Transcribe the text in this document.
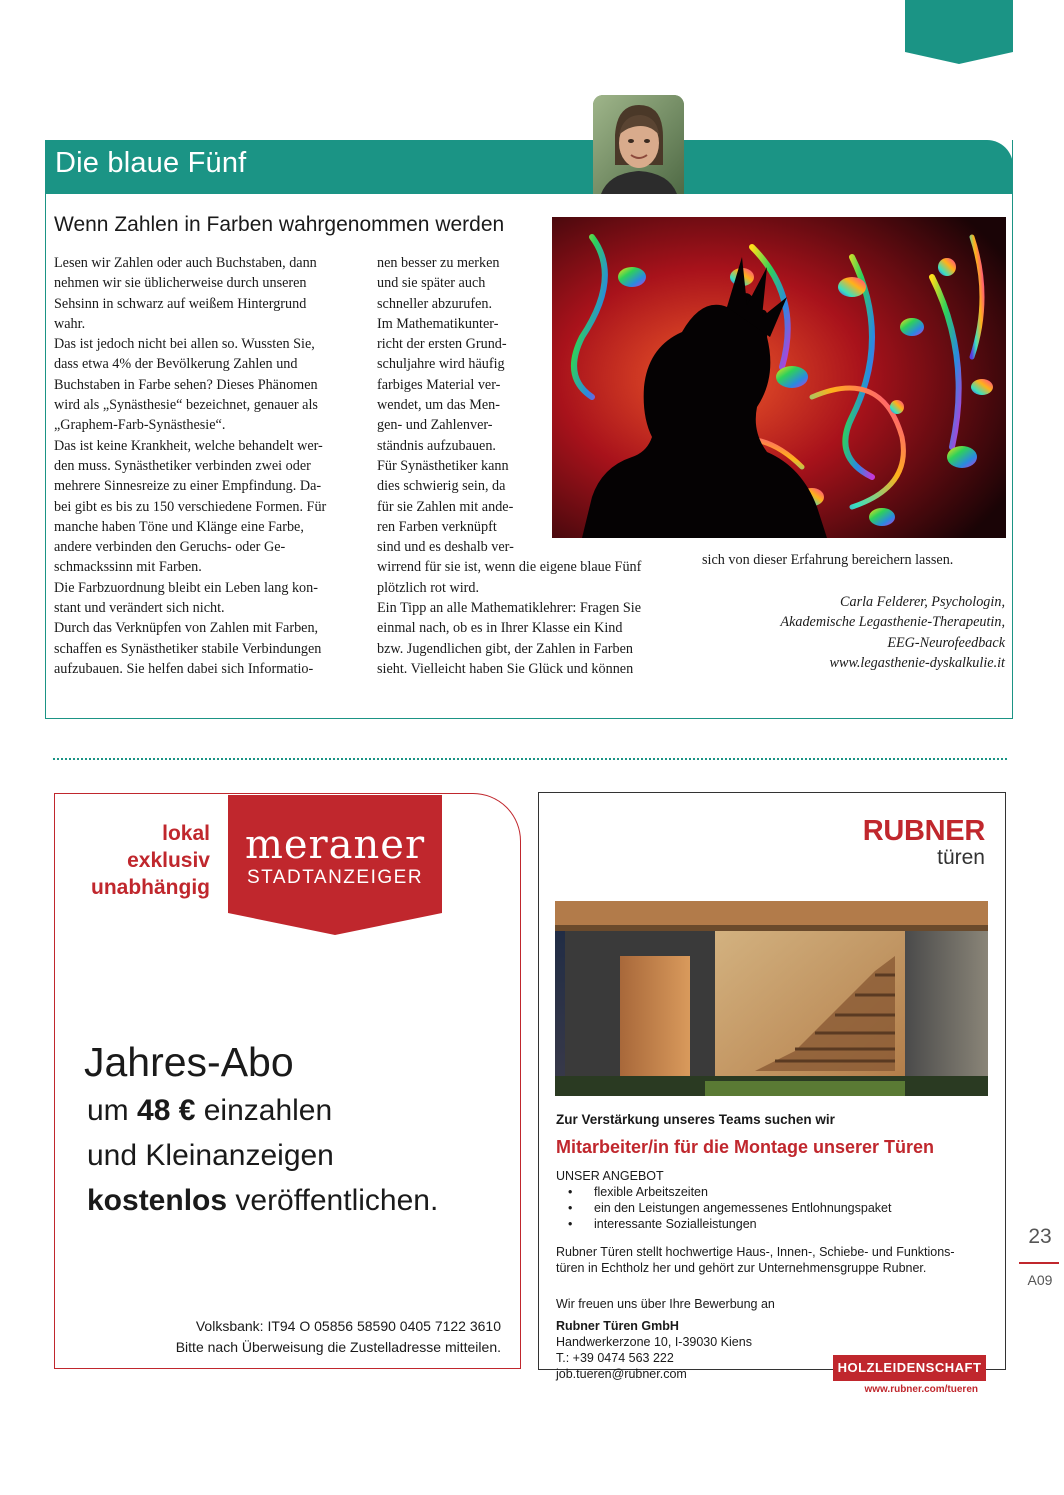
Die blaue Fünf
Wenn Zahlen in Farben wahrgenommen werden
Lesen wir Zahlen oder auch Buchstaben, dann
nehmen wir sie üblicherweise durch unseren
Sehsinn in schwarz auf weißem Hintergrund
wahr.
Das ist jedoch nicht bei allen so. Wussten Sie,
dass etwa 4% der Bevölkerung Zahlen und
Buchstaben in Farbe sehen? Dieses Phänomen
wird als „Synästhesie“ bezeichnet, genauer als
„Graphem-Farb-Synästhesie“.
Das ist keine Krankheit, welche behandelt wer-
den muss. Synästhetiker verbinden zwei oder
mehrere Sinnesreize zu einer Empfindung. Da-
bei gibt es bis zu 150 verschiedene Formen. Für
manche haben Töne und Klänge eine Farbe,
andere verbinden den Geruchs- oder Ge-
schmackssinn mit Farben.
Die Farbzuordnung bleibt ein Leben lang kon-
stant und verändert sich nicht.
Durch das Verknüpfen von Zahlen mit Farben,
schaffen es Synästhetiker stabile Verbindungen
aufzubauen. Sie helfen dabei sich Informatio-
nen besser zu merken
und sie später auch
schneller abzurufen.
Im Mathematikunter-
richt der ersten Grund-
schuljahre wird häufig
farbiges Material ver-
wendet, um das Men-
gen- und Zahlenver-
ständnis aufzubauen.
Für Synästhetiker kann
dies schwierig sein, da
für sie Zahlen mit ande-
ren Farben verknüpft
sind und es deshalb ver-
wirrend für sie ist, wenn die eigene blaue Fünf
plötzlich rot wird.
Ein Tipp an alle Mathematiklehrer: Fragen Sie
einmal nach, ob es in Ihrer Klasse ein Kind
bzw. Jugendlichen gibt, der Zahlen in Farben
sieht. Vielleicht haben Sie Glück und können
sich von dieser Erfahrung bereichern lassen.
Carla Felderer, Psychologin,
Akademische Legasthenie-Therapeutin,
EEG-Neurofeedback
www.legasthenie-dyskalkulie.it
lokal
exklusiv
unabhängig
meraner
STADTANZEIGER
Jahres-Abo
um 48 € einzahlen
und Kleinanzeigen
kostenlos veröffentlichen.
Volksbank: IT94 O 05856 58590 0405 7122 3610
Bitte nach Überweisung die Zustelladresse mitteilen.
RUBNER
türen
Zur Verstärkung unseres Teams suchen wir
Mitarbeiter/in für die Montage unserer Türen
UNSER ANGEBOT
• flexible Arbeitszeiten
• ein den Leistungen angemessenes Entlohnungspaket
• interessante Sozialleistungen
Rubner Türen stellt hochwertige Haus-, Innen-, Schiebe- und Funktions-
türen in Echtholz her und gehört zur Unternehmensgruppe Rubner.
Wir freuen uns über Ihre Bewerbung an
Rubner Türen GmbH
Handwerkerzone 10, I-39030 Kiens
T.: +39 0474 563 222
job.tueren@rubner.com	HOLZLEIDENSCHAFT
www.rubner.com/tueren
23
A09
